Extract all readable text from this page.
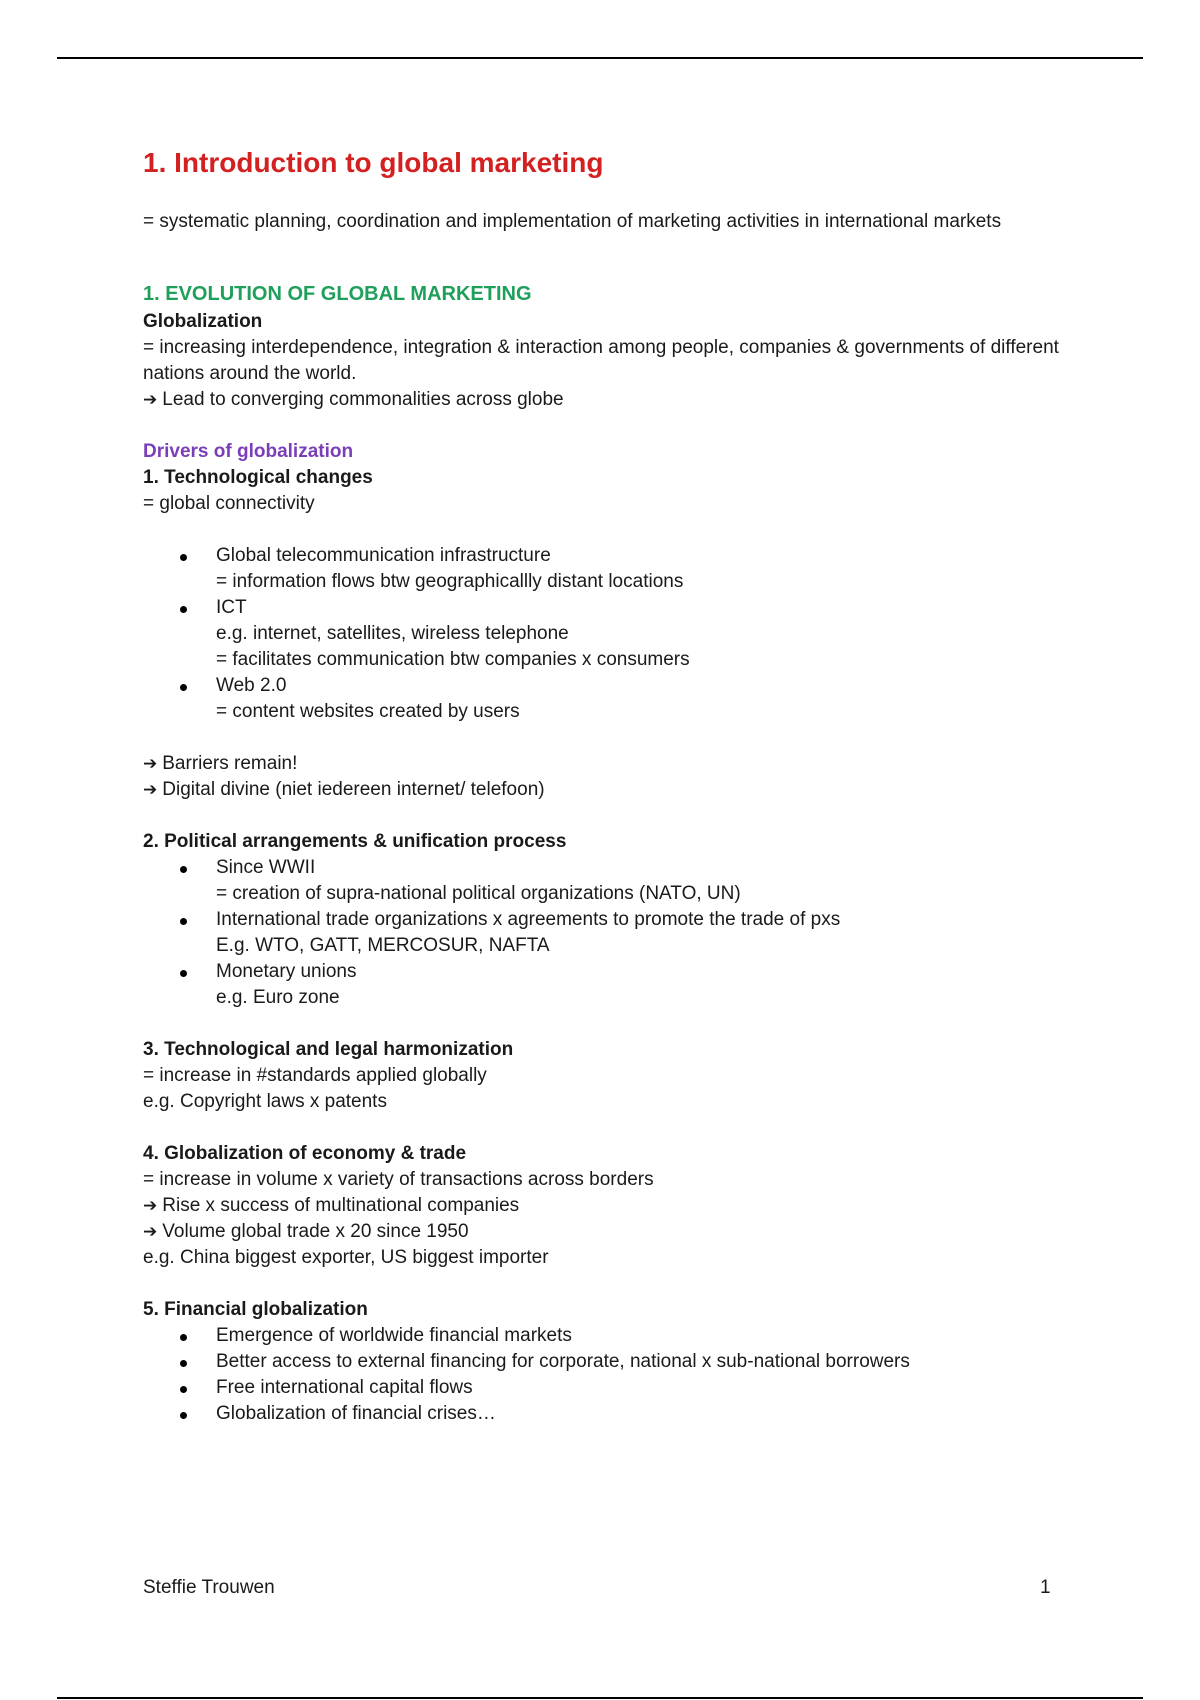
1. Introduction to global marketing

= systematic planning, coordination and implementation of marketing activities in international markets

1. EVOLUTION OF GLOBAL MARKETING

Globalization

= increasing interdependence, integration & interaction among people, companies & governments of different nations around the world.

➔ Lead to converging commonalities across globe

Drivers of globalization

1. Technological changes

= global connectivity

Global telecommunication infrastructure
= information flows btw geographicallly distant locations
ICT
e.g. internet, satellites, wireless telephone
= facilitates communication btw companies x consumers
Web 2.0
= content websites created by users

➔ Barriers remain!

➔ Digital divine (niet iedereen internet/ telefoon)

2. Political arrangements & unification process

Since WWII
= creation of supra-national political organizations (NATO, UN)
International trade organizations x agreements to promote the trade of pxs
E.g. WTO, GATT, MERCOSUR, NAFTA
Monetary unions
e.g. Euro zone

3. Technological and legal harmonization

= increase in #standards applied globally

e.g. Copyright laws x patents

4. Globalization of economy & trade

= increase in volume x variety of transactions across borders

➔ Rise x success of multinational companies

➔ Volume global trade x 20 since 1950

e.g. China biggest exporter, US biggest importer

5. Financial globalization

Emergence of worldwide financial markets
Better access to external financing for corporate, national x sub-national borrowers
Free international capital flows
Globalization of financial crises…
Steffie Trouwen	1
